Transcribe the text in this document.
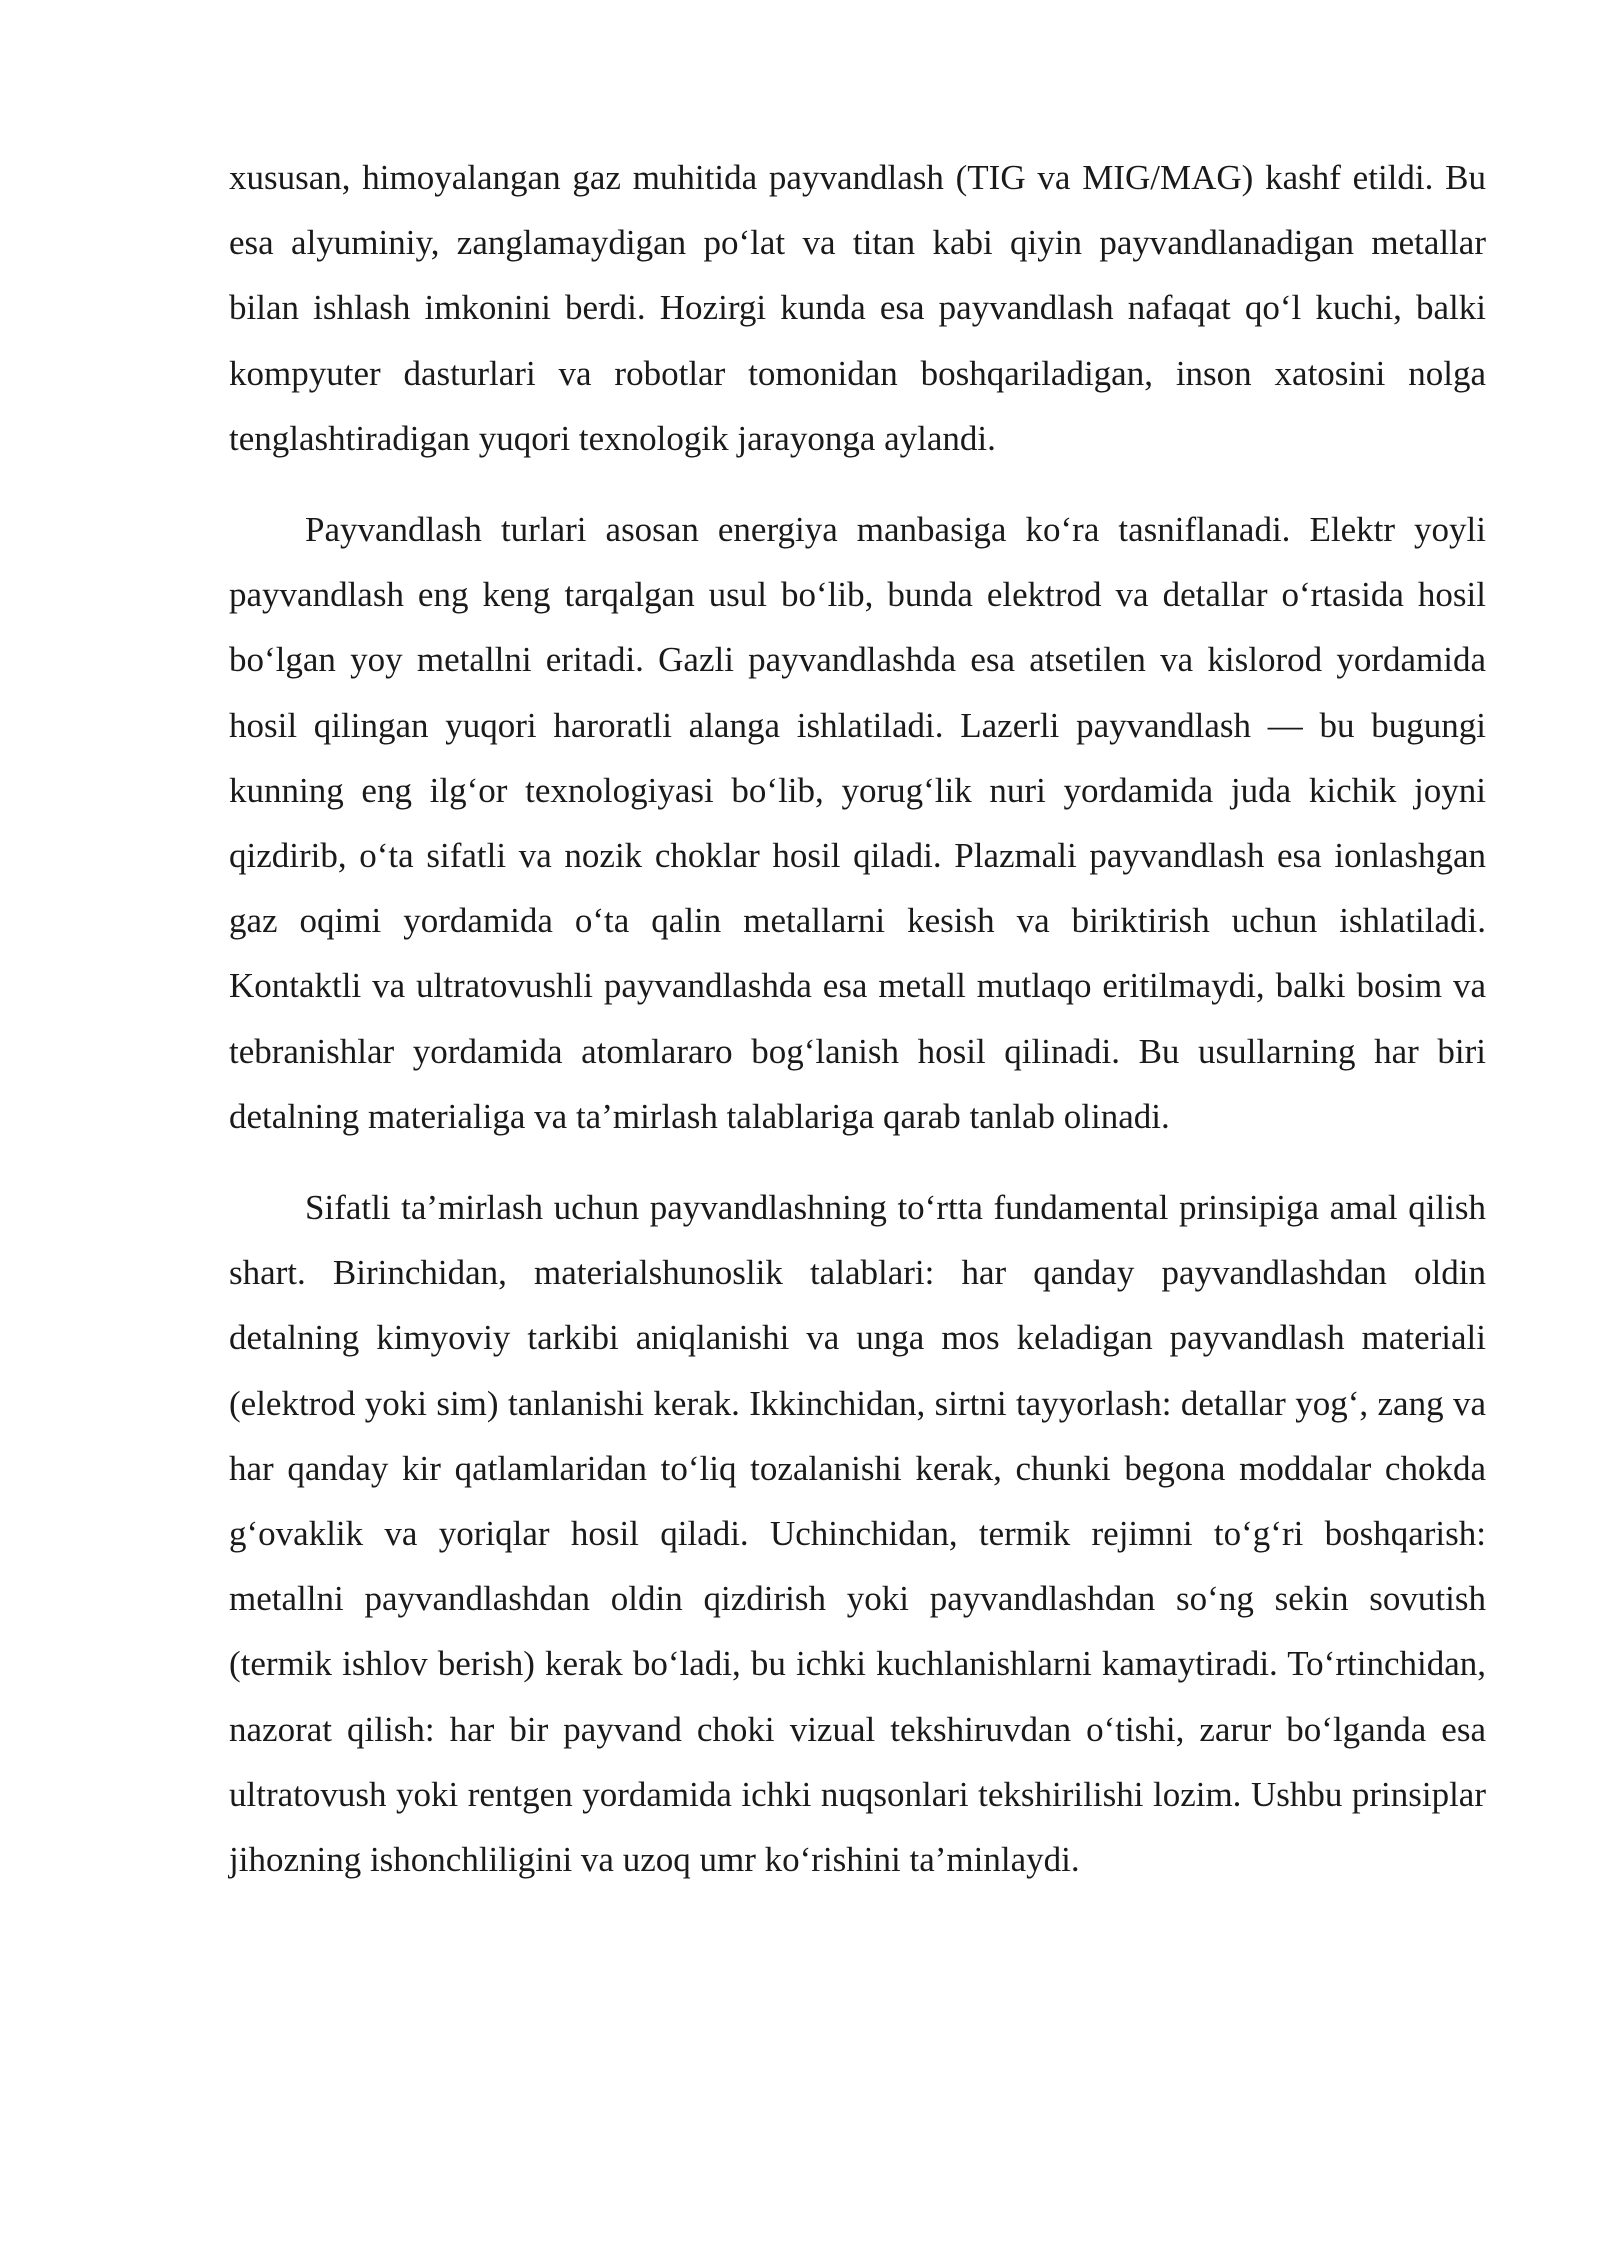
xususan, himoyalangan gaz muhitida payvandlash (TIG va MIG/MAG) kashf etildi. Bu esa alyuminiy, zanglamaydigan po‘lat va titan kabi qiyin payvandlanadigan metallar bilan ishlash imkonini berdi. Hozirgi kunda esa payvandlash nafaqat qo‘l kuchi, balki kompyuter dasturlari va robotlar tomonidan boshqariladigan, inson xatosini nolga tenglashtiradigan yuqori texnologik jarayonga aylandi.

Payvandlash turlari asosan energiya manbasiga ko‘ra tasniflanadi. Elektr yoyli payvandlash eng keng tarqalgan usul bo‘lib, bunda elektrod va detallar o‘rtasida hosil bo‘lgan yoy metallni eritadi. Gazli payvandlashda esa atsetilen va kislorod yordamida hosil qilingan yuqori haroratli alanga ishlatiladi. Lazerli payvandlash — bu bugungi kunning eng ilg‘or texnologiyasi bo‘lib, yorug‘lik nuri yordamida juda kichik joyni qizdirib, o‘ta sifatli va nozik choklar hosil qiladi. Plazmali payvandlash esa ionlashgan gaz oqimi yordamida o‘ta qalin metallarni kesish va biriktirish uchun ishlatiladi. Kontaktli va ultratovushli payvandlashda esa metall mutlaqo eritilmaydi, balki bosim va tebranishlar yordamida atomlararo bog‘lanish hosil qilinadi. Bu usullarning har biri detalning materialiga va ta’mirlash talablariga qarab tanlab olinadi.

Sifatli ta’mirlash uchun payvandlashning to‘rtta fundamental prinsipiga amal qilish shart. Birinchidan, materialshunoslik talablari: har qanday payvandlashdan oldin detalning kimyoviy tarkibi aniqlanishi va unga mos keladigan payvandlash materiali (elektrod yoki sim) tanlanishi kerak. Ikkinchidan, sirtni tayyorlash: detallar yog‘, zang va har qanday kir qatlamlaridan to‘liq tozalanishi kerak, chunki begona moddalar chokda g‘ovaklik va yoriqlar hosil qiladi. Uchinchidan, termik rejimni to‘g‘ri boshqarish: metallni payvandlashdan oldin qizdirish yoki payvandlashdan so‘ng sekin sovutish (termik ishlov berish) kerak bo‘ladi, bu ichki kuchlanishlarni kamaytiradi. To‘rtinchidan, nazorat qilish: har bir payvand choki vizual tekshiruvdan o‘tishi, zarur bo‘lganda esa ultratovush yoki rentgen yordamida ichki nuqsonlari tekshirilishi lozim. Ushbu prinsiplar jihozning ishonchliligini va uzoq umr ko‘rishini ta’minlaydi.
